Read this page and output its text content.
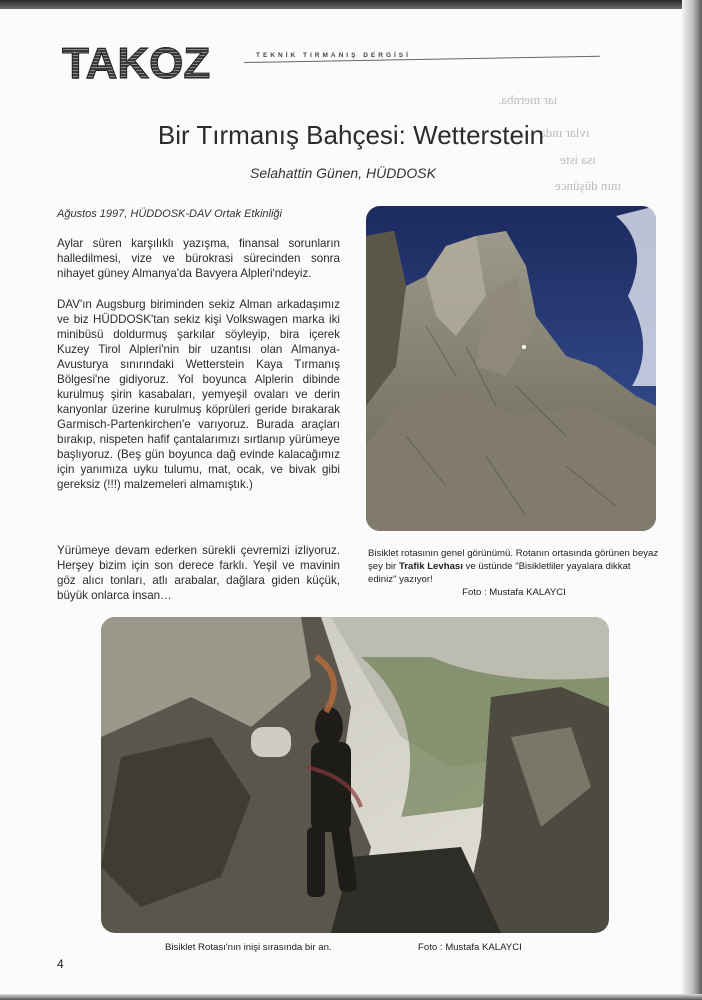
ıar mernba.
ıvlar ında
ısa iste
ının düşünce
TAKOZ	TEKNİK TIRMANIŞ DERGİSİ
Bir Tırmanış Bahçesi: Wetterstein
Selahattin Günen, HÜDDOSK
Ağustos 1997, HÜDDOSK-DAV Ortak Etkinliği
Aylar süren karşılıklı yazışma, finansal sorunların halledilmesi, vize ve bürokrasi sürecinden sonra nihayet güney Almanya'da Bavyera Alpleri'ndeyiz.
DAV'ın Augsburg biriminden sekiz Alman arkadaşımız ve biz HÜDDOSK'tan sekiz kişi Volkswagen marka iki minibüsü doldurmuş şarkılar söyleyip, bira içerek Kuzey Tirol Alpleri'nin bir uzantısı olan Almanya-Avusturya sınırındaki Wetterstein Kaya Tırmanış Bölgesi'ne gidiyoruz. Yol boyunca Alplerin dibinde kurulmuş şirin kasabaları, yemyeşil ovaları ve derin kanyonlar üzerine kurulmuş köprüleri geride bırakarak Garmisch-Partenkirchen'e varıyoruz. Burada araçları bırakıp, nispeten hafif çantalarımızı sırtlanıp yürümeye başlıyoruz. (Beş gün boyunca dağ evinde kalacağımız için yanımıza uyku tulumu, mat, ocak, ve bivak gibi gereksiz (!!!) malzemeleri almamıştık.)
Yürümeye devam ederken sürekli çevremizi izliyoruz. Herşey bizim için son derece farklı. Yeşil ve mavinin göz alıcı tonları, atlı arabalar, dağlara giden küçük, büyük onlarca insan…
Bisiklet rotasının genel görünümü. Rotanın ortasında görünen beyaz şey bir Trafik Levhası ve üstünde "Bisikletliler yayalara dikkat ediniz" yazıyor!
Foto : Mustafa KALAYCI
Bisiklet Rotası'nın inişi sırasında bir an.	Foto : Mustafa KALAYCI
4
